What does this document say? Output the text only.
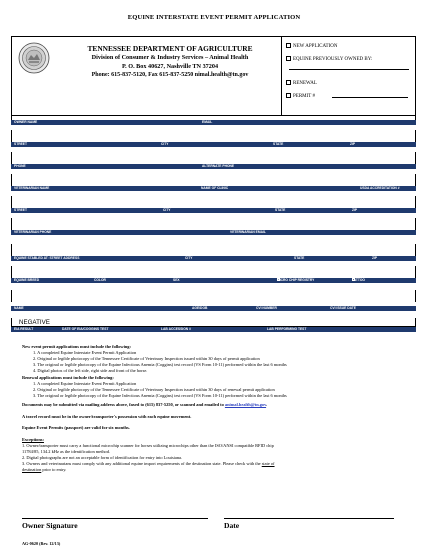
EQUINE INTERSTATE EVENT PERMIT APPLICATION
TENNESSEE DEPARTMENT OF AGRICULTURE
Division of Consumer & Industry Services – Animal Health
P. O. Box 40627, Nashville TN 37204
Phone: 615-837-5120, Fax 615-837-5250 nimal.health@tn.gov
NEW APPLICATION
EQUINE PREVIOUSLY OWNED BY:
RENEWAL
PERMIT #
OWNER NAME	EMAIL
STREET	CITY	STATE	ZIP
PHONE	ALTERNATE PHONE
VETERINARIAN NAME	NAME OF CLINIC	USDA ACCREDITATION #
STREET	CITY	STATE	ZIP
VETERINARIAN PHONE	VETERINARIAN EMAIL
EQUINE STABLED AT: STREET ADDRESS	CITY	STATE	ZIP
EQUINE BREED	COLOR	SEX	MICRO CHIP REGISTRY	TATTOO
NAME	AGE/DOB	CVI NUMBER	CVI ISSUE DATE
NEGATIVE
EIA RESULT	DATE OF EIA/COGGINS TEST	LAB ACCESSION #	LAB PERFORMING TEST
New event permit applications must include the following:
1. A completed Equine Interstate Event Permit Application
2. Original or legible photocopy of the Tennessee Certificate of Veterinary Inspection issued within 30 days of permit application
3. The original or legible photocopy of the Equine Infectious Anemia (Coggins) test record (VS Form 10-11) performed within the last 6 months
4. Digital photos of the left side, right side and front of the horse.
Renewal applications must include the following:
1. A completed Equine Interstate Event Permit Application
2. Original or legible photocopy of the Tennessee Certificate of Veterinary Inspection issued within 30 days of renewal permit application
3. The original or legible photocopy of the Equine Infectious Anemia (Coggins) test record (VS Form 10-11) performed within the last 6 months
Documents may be submitted via mailing address above, faxed to (615) 837-5250, or scanned and emailed to animal.health@tn.gov.
A travel record must be in the owner/transporter's possession with each equine movement.
Equine Event Permits (passport) are valid for six months.
Exceptions:
1. Owner/transporter must carry a functional microchip scanner for horses utilizing microchips other than the ISO/ANSI compatible RFID chip
11784/85, 134.2 kHz as the identification method.
2. Digital photographs are not an acceptable form of identification for entry into Louisiana.
3. Owners and veterinarians must comply with any additional equine import requirements of the destination state. Please check with the state of
destination prior to entry.
Owner Signature	Date
AG-0620 (Rev. 12/13)
